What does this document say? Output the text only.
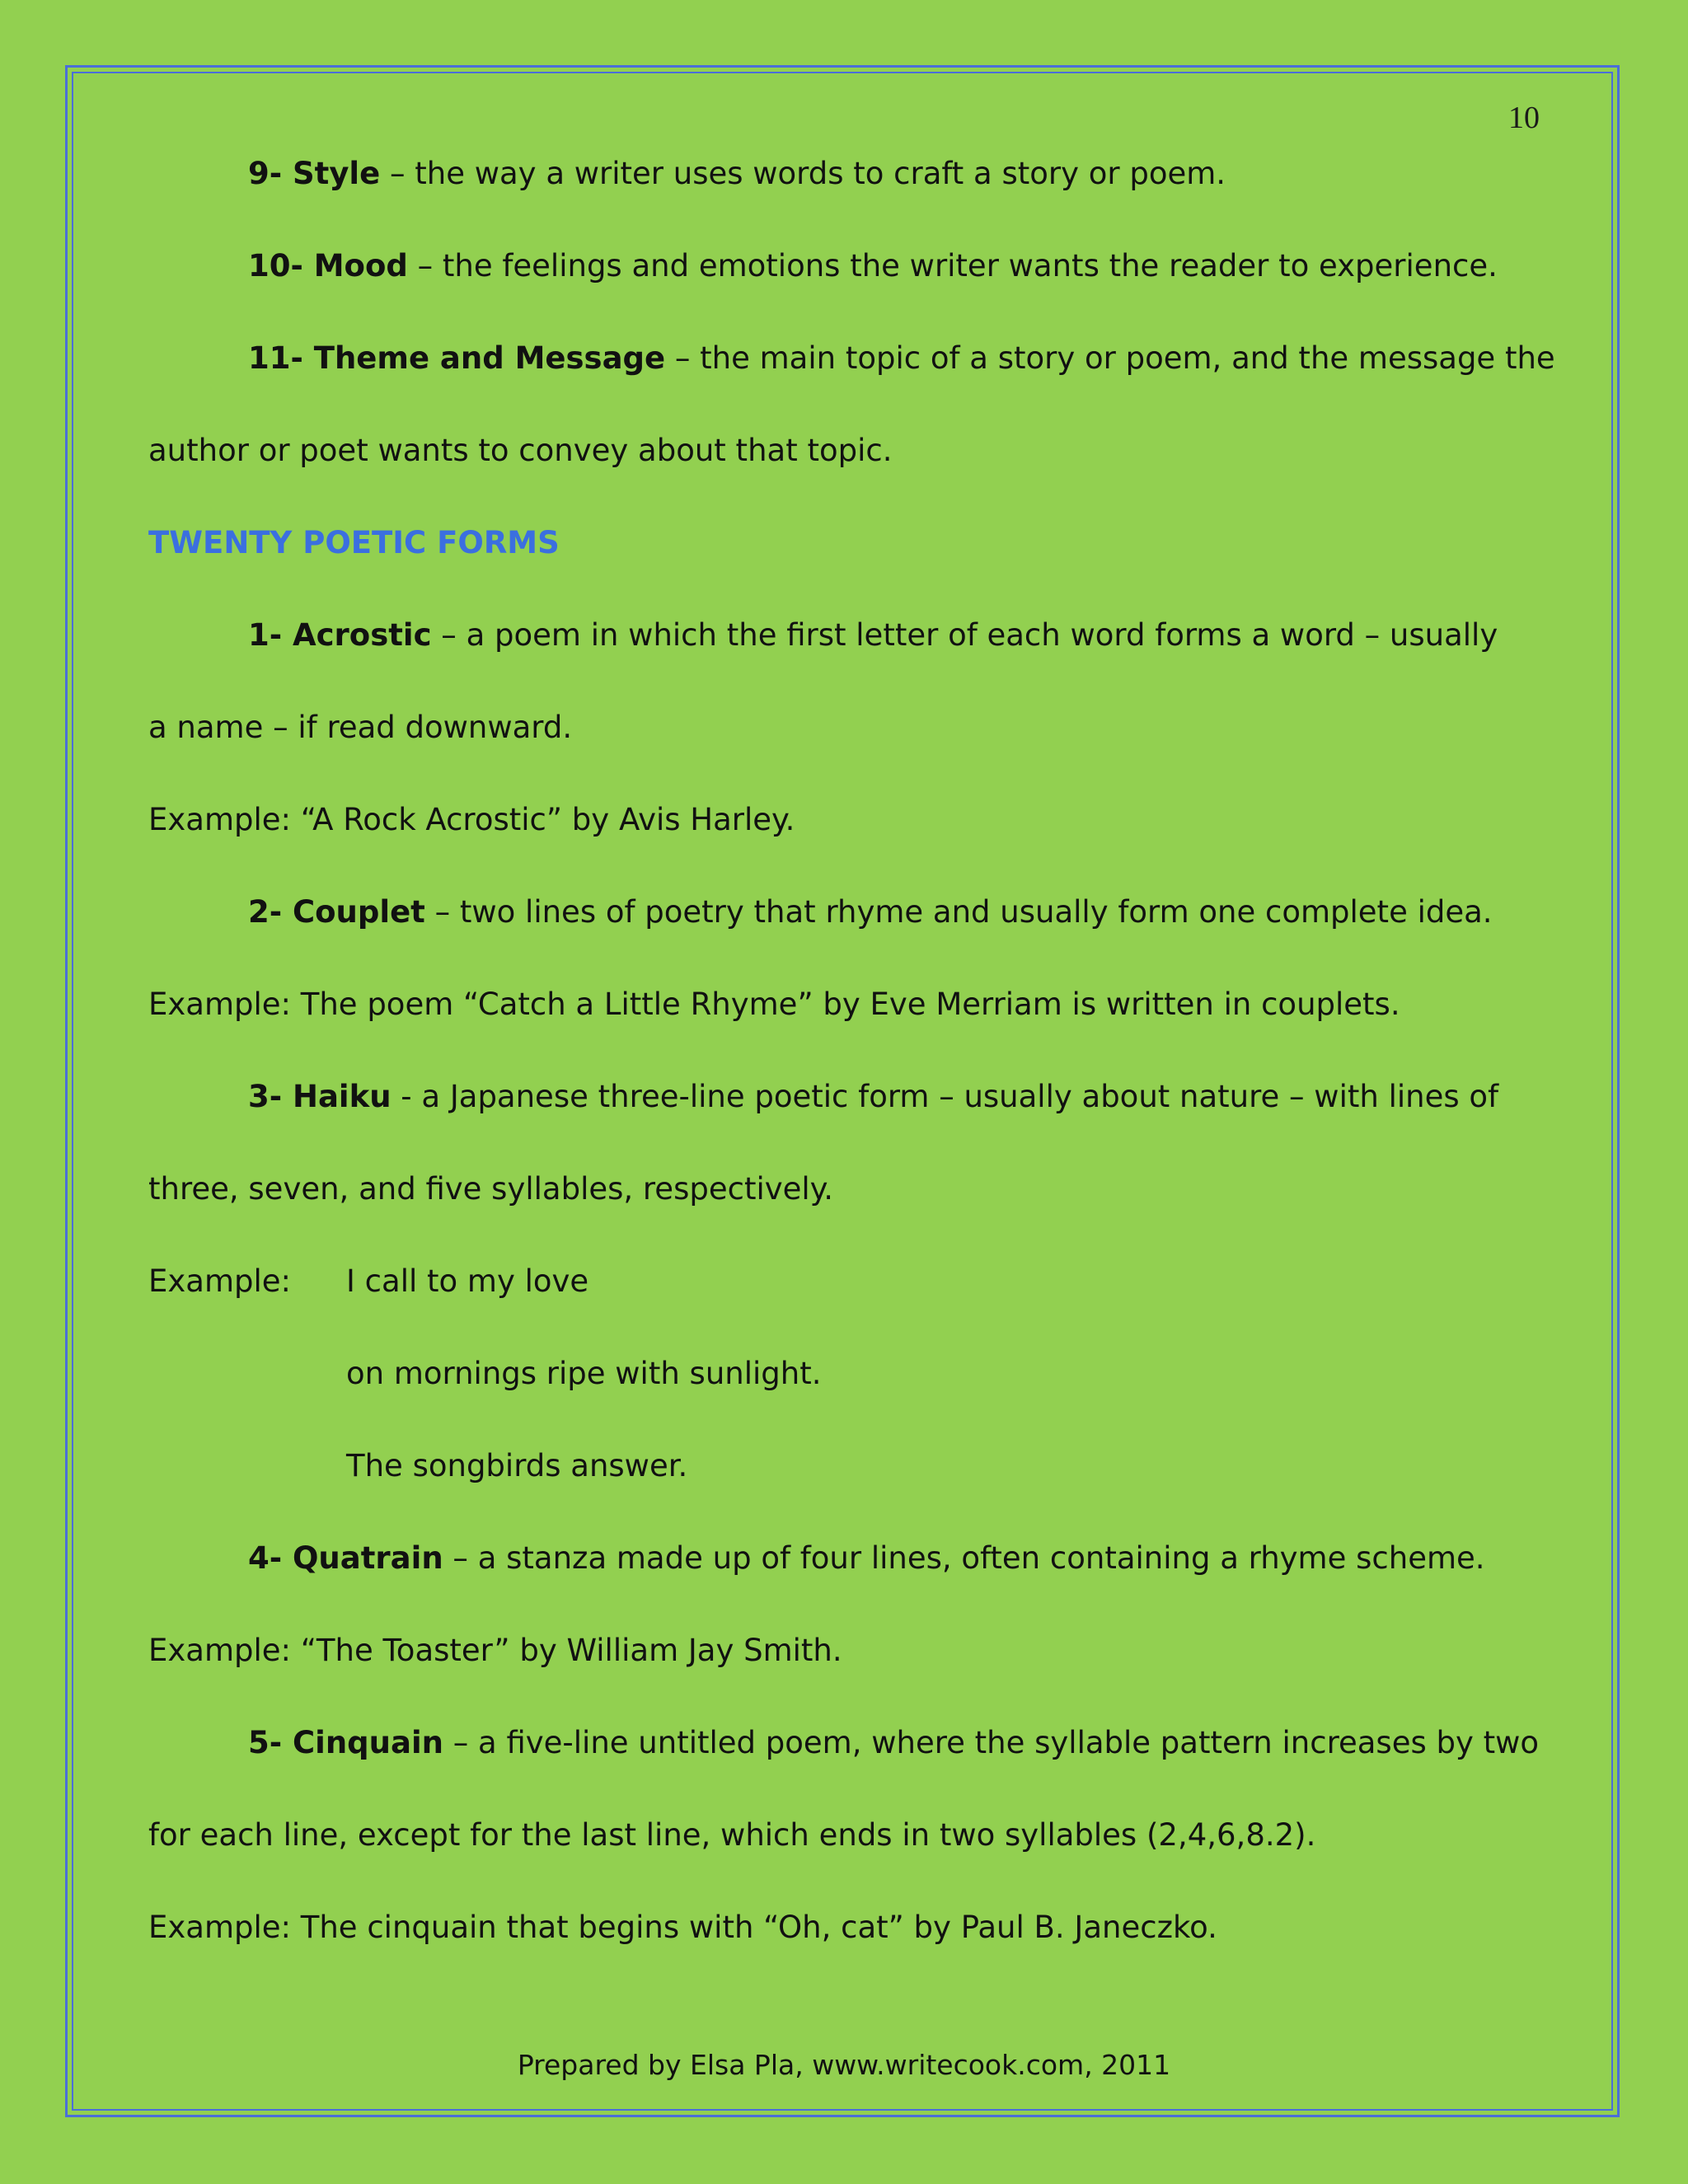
10
9- Style – the way a writer uses words to craft a story or poem.
10- Mood – the feelings and emotions the writer wants the reader to experience.
11- Theme and Message – the main topic of a story or poem, and the message the
author or poet wants to convey about that topic.
TWENTY POETIC FORMS
1- Acrostic – a poem in which the first letter of each word forms a word – usually
a name – if read downward.
Example: “A Rock Acrostic” by Avis Harley.
2- Couplet – two lines of poetry that rhyme and usually form one complete idea.
Example: The poem “Catch a Little Rhyme” by Eve Merriam is written in couplets.
3- Haiku - a Japanese three-line poetic form – usually about nature – with lines of
three, seven, and five syllables, respectively.
Example: I call to my love
on mornings ripe with sunlight.
The songbirds answer.
4- Quatrain – a stanza made up of four lines, often containing a rhyme scheme.
Example: “The Toaster” by William Jay Smith.
5- Cinquain – a five-line untitled poem, where the syllable pattern increases by two
for each line, except for the last line, which ends in two syllables (2,4,6,8.2).
Example: The cinquain that begins with “Oh, cat” by Paul B. Janeczko.
Prepared by Elsa Pla, www.writecook.com, 2011
